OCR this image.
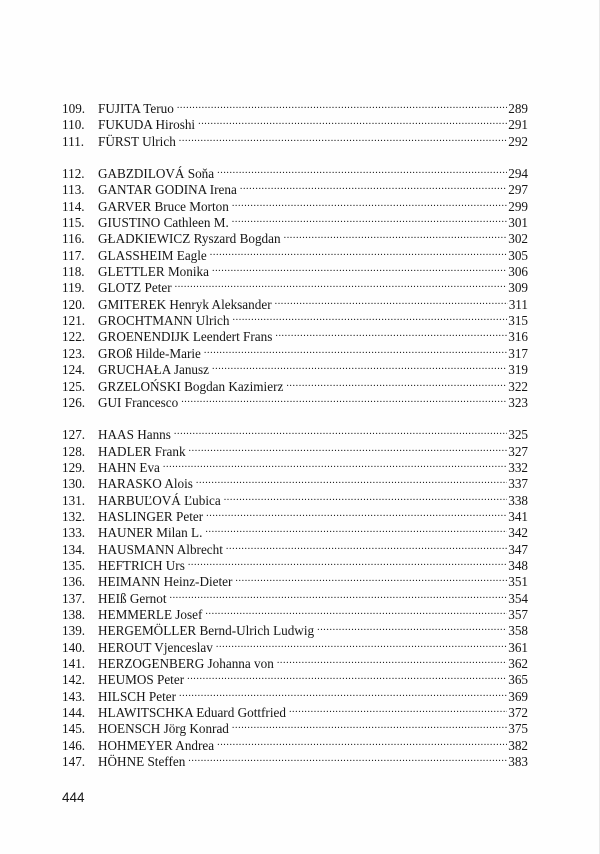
109. FUJITA Teruo .....	289
110.	FUKUDA Hiroshi .....	291
111.	FÜRST Ulrich .....	292
112.	GABZDILOVÁ Soňa .....	294
113.	GANTAR GODINA Irena .....	297
114.	GARVER Bruce Morton .....	299
115.	GIUSTINO Cathleen M. .....	301
116.	GŁADKIEWICZ Ryszard Bogdan .....	302
117.	GLASSHEIM Eagle .....	305
118.	GLETTLER Monika .....	306
119.	GLOTZ Peter .....	309
120. GMITEREK Henryk Aleksander .....	311
121. GROCHTMANN Ulrich .....	315
122. GROENENDIJK Leendert Frans .....	316
123. GROß Hilde-Marie .....	317
124. GRUCHAŁA Janusz .....	319
125. GRZELOŃSKI Bogdan Kazimierz .....	322
126. GUI Francesco .....	323
127. HAAS Hanns .....	325
128. HADLER Frank .....	327
129. HAHN Eva .....	332
130. HARASKO Alois .....	337
131. HARBUĽOVÁ Ľubica .....	338
132. HASLINGER Peter .....	341
133. HAUNER Milan L. .....	342
134. HAUSMANN Albrecht .....	347
135. HEFTRICH Urs .....	348
136. HEIMANN Heinz-Dieter .....	351
137. HEIß Gernot .....	354
138. HEMMERLE Josef .....	357
139. HERGEMÖLLER Bernd-Ulrich Ludwig .....	358
140. HEROUT Vjenceslav .....	361
141. HERZOGENBERG Johanna von .....	362
142. HEUMOS Peter .....	365
143. HILSCH Peter .....	369
144. HLAWITSCHKA Eduard Gottfried .....	372
145. HOENSCH Jörg Konrad .....	375
146. HOHMEYER Andrea .....	382
147. HÖHNE Steffen .....	383
444
